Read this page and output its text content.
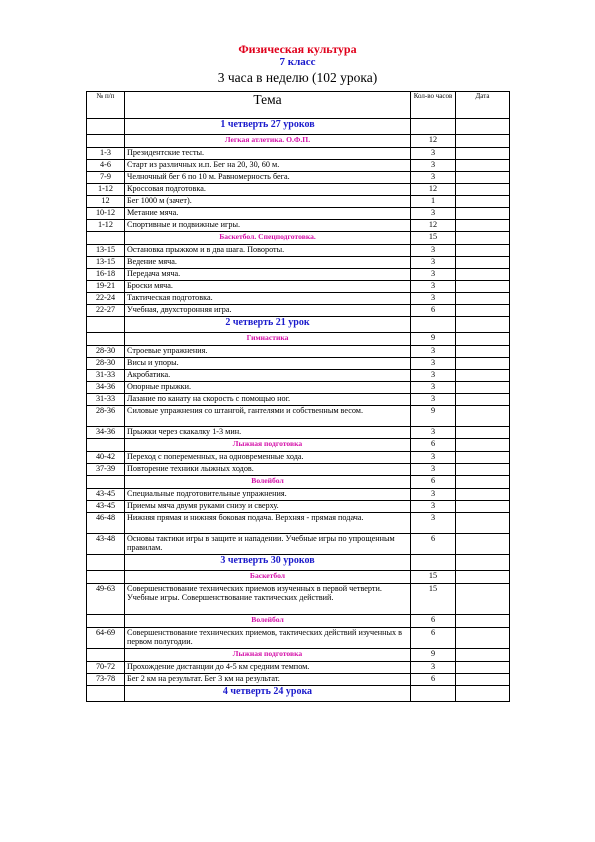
Физическая культура
7 класс
3 часа в неделю (102 урока)
№ п/п	Тема	Кол-во часов	Дата
	1 четверть 27 уроков		
	Легкая атлетика. О.Ф.П.	12	
1-3	Президентские тесты.	3	
4-6	Старт из различных и.п. Бег на 20, 30, 60 м.	3	
7-9	Челночный бег 6 по 10 м. Равномерность бега.	3	
1-12	Кроссовая подготовка.	12	
12	Бег 1000 м (зачет).	1	
10-12	Метание мяча.	3	
1-12	Спортивные и подвижные игры.	12	
	Баскетбол. Спецподготовка.	15	
13-15	Остановка прыжком и в два шага. Повороты.	3	
13-15	Ведение мяча.	3	
16-18	Передача мяча.	3	
19-21	Броски мяча.	3	
22-24	Тактическая подготовка.	3	
22-27	Учебная, двухсторонняя игра.	6	
	2 четверть 21 урок		
	Гимнастика	9	
28-30	Строевые упражнения.	3	
28-30	Висы и упоры.	3	
31-33	Акробатика.	3	
34-36	Опорные прыжки.	3	
31-33	Лазание по канату на скорость с помощью ног.	3	
28-36	Силовые упражнения со штангой, гантелями и собственным весом.	9	
34-36	Прыжки через скакалку 1-3 мин.	3	
	Лыжная подготовка	6	
40-42	Переход с попеременных, на одновременные хода.	3	
37-39	Повторение техники лыжных ходов.	3	
	Волейбол	6	
43-45	Специальные подготовительные упражнения.	3	
43-45	Приемы мяча двумя руками снизу и сверху.	3	
46-48	Нижняя прямая и нижняя боковая подача. Верхняя - прямая подача.	3	
43-48	Основы тактики игры в защите и нападении. Учебные игры по упрощенным правилам.	6	
	3 четверть 30 уроков		
	Баскетбол	15	
49-63	Совершенствование технических приемов изученных в первой четверти. Учебные игры. Совершенствование тактических действий.	15	
	Волейбол	6	
64-69	Совершенствование технических приемов, тактических действий изученных в первом полугодии.	6	
	Лыжная подготовка	9	
70-72	Прохождение дистанции до 4-5 км средним темпом.	3	
73-78	Бег 2 км на результат. Бег 3 км на результат.	6	
	4 четверть 24 урока		
